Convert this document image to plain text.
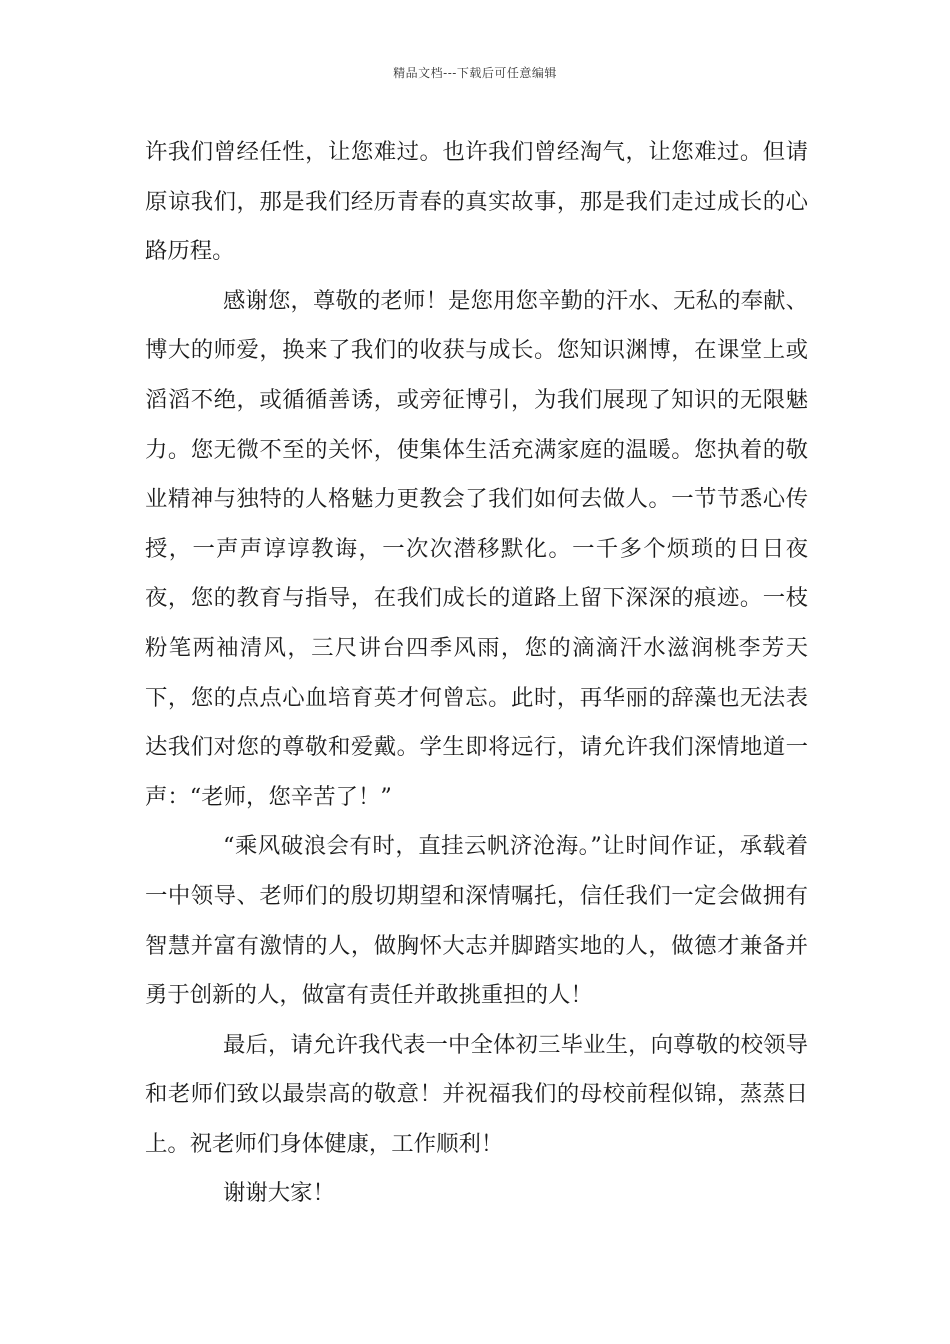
精品文档---下载后可任意编辑

许我们曾经任性，让您难过。也许我们曾经淘气，让您难过。但请原谅我们，那是我们经历青春的真实故事，那是我们走过成长的心路历程。

感谢您，尊敬的老师！是您用您辛勤的汗水、无私的奉献、博大的师爱，换来了我们的收获与成长。您知识渊博，在课堂上或滔滔不绝，或循循善诱，或旁征博引，为我们展现了知识的无限魅力。您无微不至的关怀，使集体生活充满家庭的温暖。您执着的敬业精神与独特的人格魅力更教会了我们如何去做人。一节节悉心传授，一声声谆谆教诲，一次次潜移默化。一千多个烦琐的日日夜夜，您的教育与指导，在我们成长的道路上留下深深的痕迹。一枝粉笔两袖清风，三尺讲台四季风雨，您的滴滴汗水滋润桃李芳天下，您的点点心血培育英才何曾忘。此时，再华丽的辞藻也无法表达我们对您的尊敬和爱戴。学生即将远行，请允许我们深情地道一声：“老师，您辛苦了！”

“乘风破浪会有时，直挂云帆济沧海。”让时间作证，承载着一中领导、老师们的殷切期望和深情嘱托，信任我们一定会做拥有智慧并富有激情的人，做胸怀大志并脚踏实地的人，做德才兼备并勇于创新的人，做富有责任并敢挑重担的人！

最后，请允许我代表一中全体初三毕业生，向尊敬的校领导和老师们致以最崇高的敬意！并祝福我们的母校前程似锦，蒸蒸日上。祝老师们身体健康，工作顺利！

谢谢大家！
